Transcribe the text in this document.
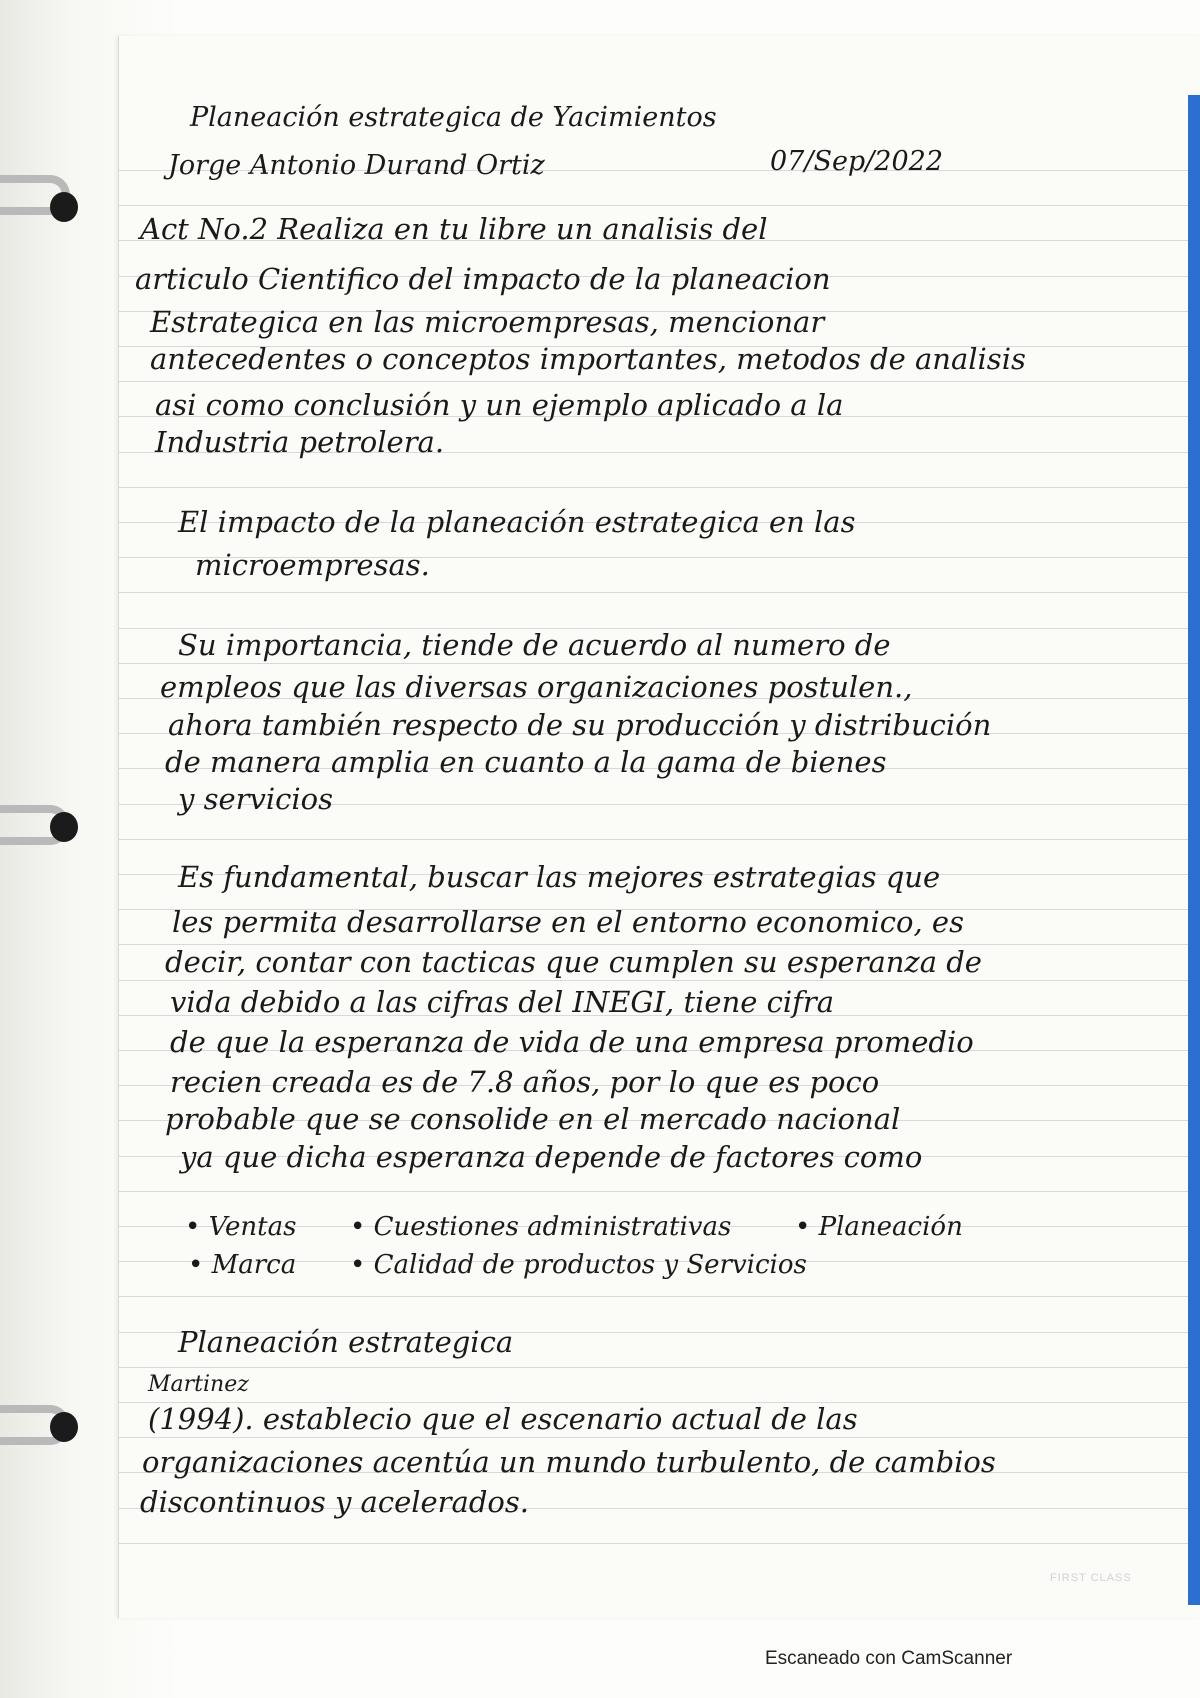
Planeación estrategica de Yacimientos
Jorge Antonio Durand Ortiz	07/Sep/2022
Act No.2 Realiza en tu libre un analisis del
articulo Cientifico del impacto de la planeacion
Estrategica en las microempresas, mencionar
antecedentes o conceptos importantes, metodos de analisis
asi como conclusión y un ejemplo aplicado a la
Industria petrolera.
El impacto de la planeación estrategica en las
microempresas.
Su importancia, tiende de acuerdo al numero de
empleos que las diversas organizaciones postulen.,
ahora también respecto de su producción y distribución
de manera amplia en cuanto a la gama de bienes
y servicios
Es fundamental, buscar las mejores estrategias que
les permita desarrollarse en el entorno economico, es
decir, contar con tacticas que cumplen su esperanza de
vida debido a las cifras del INEGI, tiene cifra
de que la esperanza de vida de una empresa promedio
recien creada es de 7.8 años, por lo que es poco
probable que se consolide en el mercado nacional
ya que dicha esperanza depende de factores como
• Ventas • Cuestiones administrativas • Planeación
• Marca • Calidad de productos y Servicios
Planeación estrategica
Martinez
(1994). establecio que el escenario actual de las
organizaciones acentúa un mundo turbulento, de cambios
discontinuos y acelerados.
FIRST CLASS
Escaneado con CamScanner
